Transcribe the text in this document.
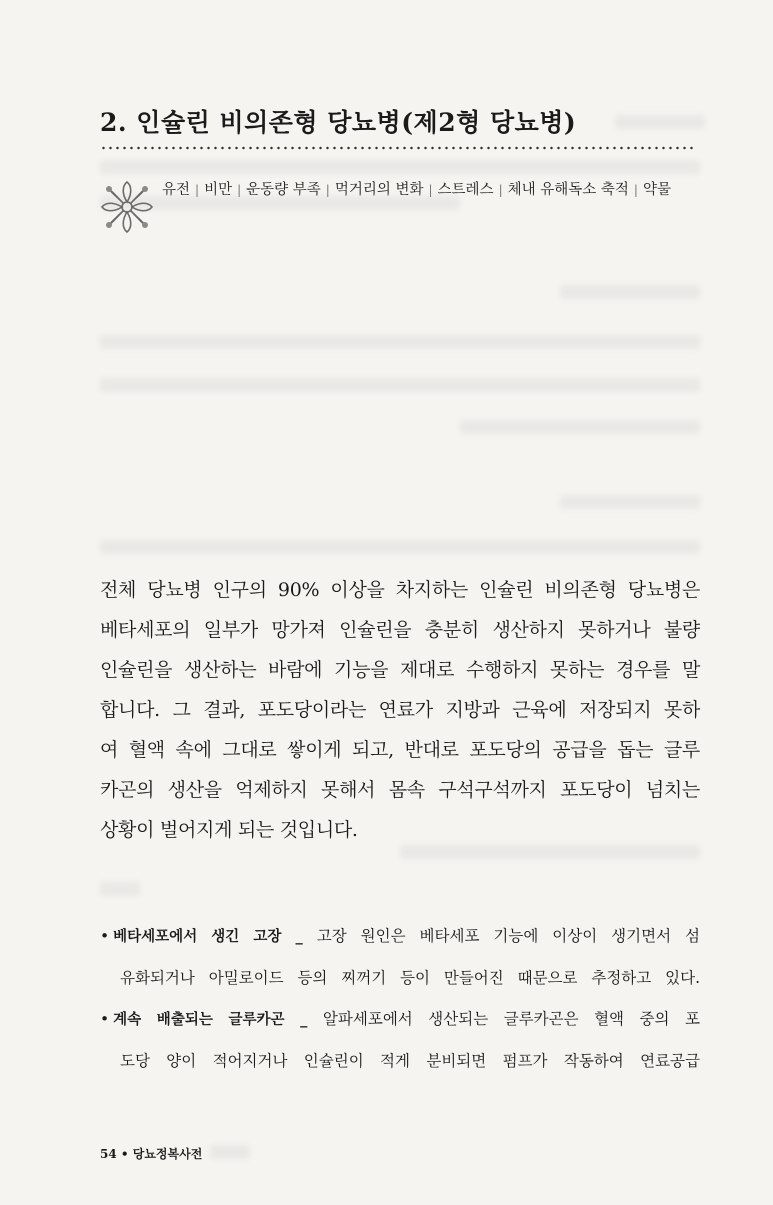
2. 인슐린 비의존형 당뇨병(제2형 당뇨병)
유전 | 비만 | 운동량 부족 | 먹거리의 변화 | 스트레스 | 체내 유해독소 축적 | 약물
전체 당뇨병 인구의 90% 이상을 차지하는 인슐린 비의존형 당뇨병은
베타세포의 일부가 망가져 인슐린을 충분히 생산하지 못하거나 불량
인슐린을 생산하는 바람에 기능을 제대로 수행하지 못하는 경우를 말
합니다. 그 결과, 포도당이라는 연료가 지방과 근육에 저장되지 못하
여 혈액 속에 그대로 쌓이게 되고, 반대로 포도당의 공급을 돕는 글루
카곤의 생산을 억제하지 못해서 몸속 구석구석까지 포도당이 넘치는
상황이 벌어지게 되는 것입니다.
• 베타세포에서 생긴 고장 _ 고장 원인은 베타세포 기능에 이상이 생기면서 섬
유화되거나 아밀로이드 등의 찌꺼기 등이 만들어진 때문으로 추정하고 있다.
• 계속 배출되는 글루카곤 _ 알파세포에서 생산되는 글루카곤은 혈액 중의 포
도당 양이 적어지거나 인슐린이 적게 분비되면 펌프가 작동하여 연료공급
54 • 당뇨정복사전
